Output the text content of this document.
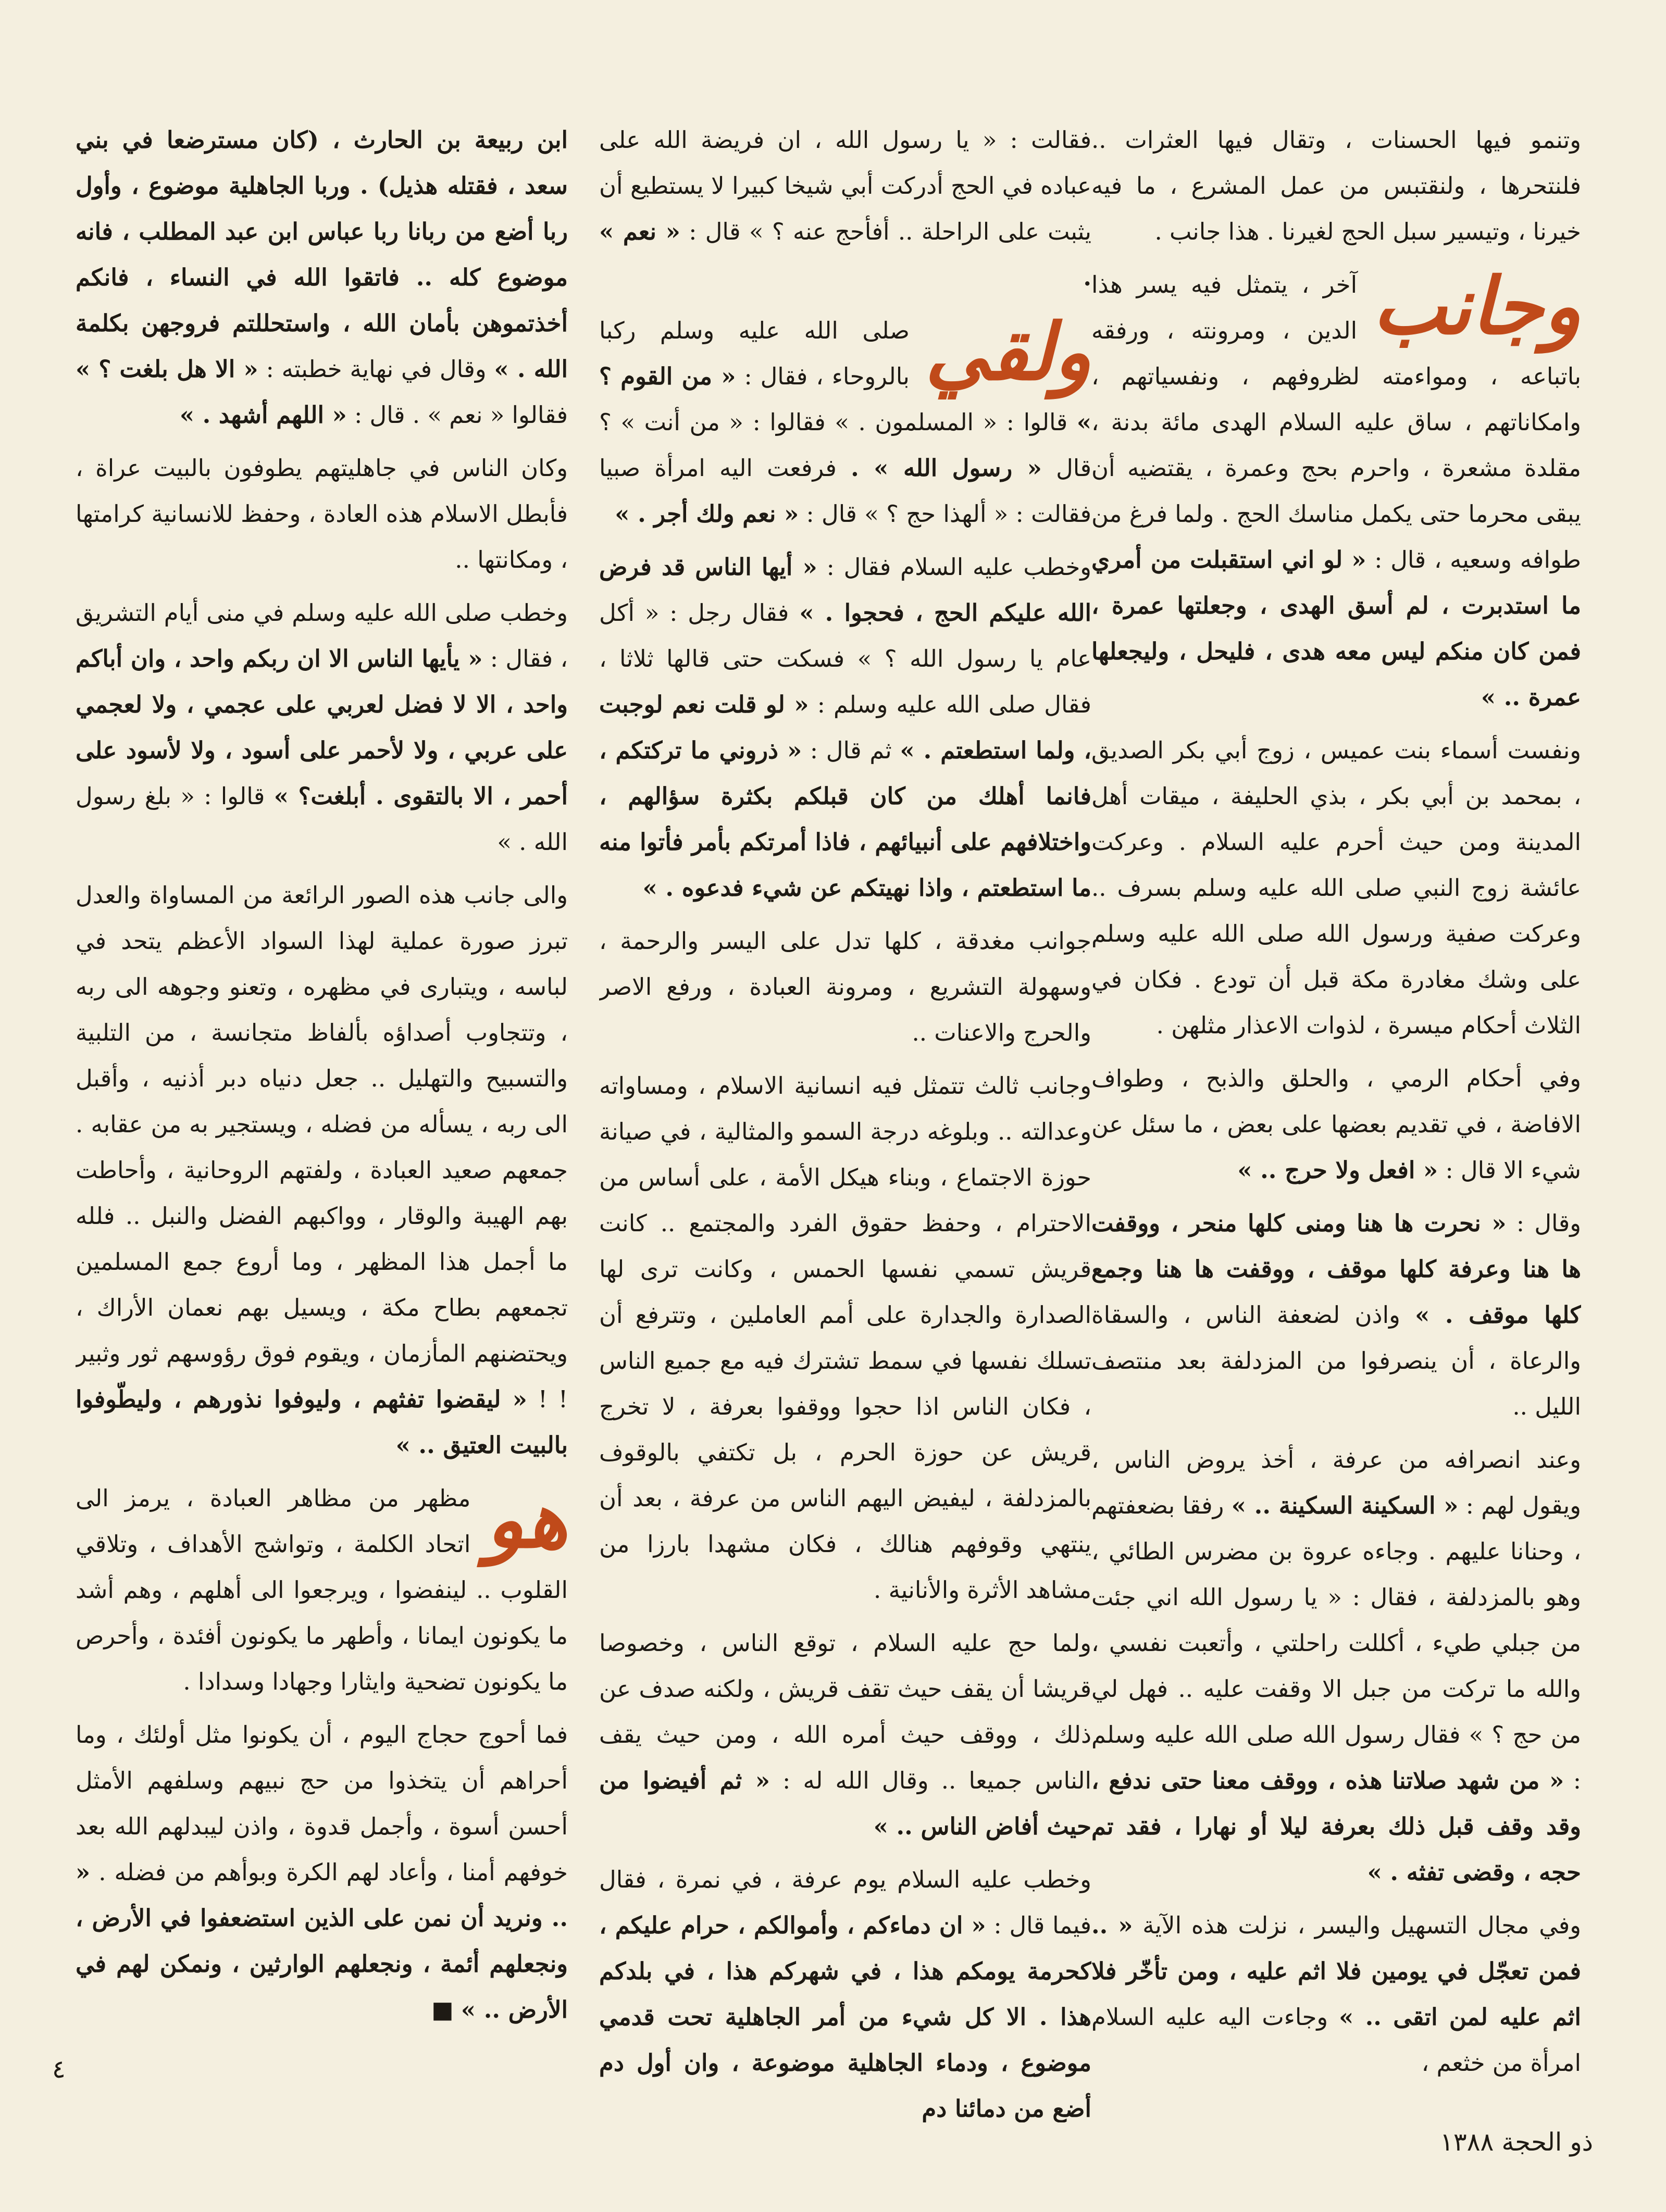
وتنمو فيها الحسنات ، وتقال فيها العثرات .. فلنتحرها ، ولنقتبس من عمل المشرع ، ما فيه خيرنا ، وتيسير سبل الحج لغيرنا . هذا جانب .

وجانب
آخر ، يتمثل فيه يسر هذا الدين ، ومرونته ، ورفقه باتباعه ، ومواءمته لظروفهم ، ونفسياتهم ، وامكاناتهم ، ساق عليه السلام الهدى مائة بدنة ، مقلدة مشعرة ، واحرم بحج وعمرة ، يقتضيه أن يبقى محرما حتى يكمل مناسك الحج . ولما فرغ من طوافه وسعيه ، قال : « لو اني استقبلت من أمري ما استدبرت ، لم أسق الهدى ، وجعلتها عمرة ، فمن كان منكم ليس معه هدى ، فليحل ، وليجعلها عمرة .. »

ونفست أسماء بنت عميس ، زوج أبي بكر الصديق ، بمحمد بن أبي بكر ، بذي الحليفة ، ميقات أهل المدينة ومن حيث أحرم عليه السلام . وعركت عائشة زوج النبي صلى الله عليه وسلم بسرف .. وعركت صفية ورسول الله صلى الله عليه وسلم على وشك مغادرة مكة قبل أن تودع . فكان في الثلاث أحكام ميسرة ، لذوات الاعذار مثلهن .

وفي أحكام الرمي ، والحلق والذبح ، وطواف الافاضة ، في تقديم بعضها على بعض ، ما سئل عن شيء الا قال : « افعل ولا حرج .. »

وقال : « نحرت ها هنا ومنى كلها منحر ، ووقفت ها هنا وعرفة كلها موقف ، ووقفت ها هنا وجمع كلها موقف . » واذن لضعفة الناس ، والسقاة والرعاة ، أن ينصرفوا من المزدلفة بعد منتصف الليل ..

وعند انصرافه من عرفة ، أخذ يروض الناس ، ويقول لهم : « السكينة السكينة .. » رفقا بضعفتهم ، وحنانا عليهم . وجاءه عروة بن مضرس الطائي ، وهو بالمزدلفة ، فقال : « يا رسول الله اني جئت من جبلي طيء ، أكللت راحلتي ، وأتعبت نفسي ، والله ما تركت من جبل الا وقفت عليه .. فهل لي من حج ؟ » فقال رسول الله صلى الله عليه وسلم : « من شهد صلاتنا هذه ، ووقف معنا حتى ندفع ، وقد وقف قبل ذلك بعرفة ليلا أو نهارا ، فقد تم حجه ، وقضى تفثه . »

وفي مجال التسهيل واليسر ، نزلت هذه الآية « .. فمن تعجّل في يومين فلا اثم عليه ، ومن تأخّر فلا اثم عليه لمن اتقى .. » وجاءت اليه عليه السلام امرأة من خثعم ،

فقالت : « يا رسول الله ، ان فريضة الله على عباده في الحج أدركت أبي شيخا كبيرا لا يستطيع أن يثبت على الراحلة .. أفأحج عنه ؟ » قال : « نعم » .

ولقي
صلى الله عليه وسلم ركبا بالروحاء ، فقال : « من القوم ؟ » قالوا : « المسلمون . » فقالوا : « من أنت » ؟ قال « رسول الله » . فرفعت اليه امرأة صبيا فقالت : « ألهذا حج ؟ » قال : « نعم ولك أجر . »

وخطب عليه السلام فقال : « أيها الناس قد فرض الله عليكم الحج ، فحجوا . » فقال رجل : « أكل عام يا رسول الله ؟ » فسكت حتى قالها ثلاثا ، فقال صلى الله عليه وسلم : « لو قلت نعم لوجبت ، ولما استطعتم . » ثم قال : « ذروني ما تركتكم ، فانما أهلك من كان قبلكم بكثرة سؤالهم ، واختلافهم على أنبيائهم ، فاذا أمرتكم بأمر فأتوا منه ما استطعتم ، واذا نهيتكم عن شيء فدعوه . »

جوانب مغدقة ، كلها تدل على اليسر والرحمة ، وسهولة التشريع ، ومرونة العبادة ، ورفع الاصر والحرج والاعنات ..

وجانب ثالث تتمثل فيه انسانية الاسلام ، ومساواته وعدالته .. وبلوغه درجة السمو والمثالية ، في صيانة حوزة الاجتماع ، وبناء هيكل الأمة ، على أساس من الاحترام ، وحفظ حقوق الفرد والمجتمع .. كانت قريش تسمي نفسها الحمس ، وكانت ترى لها الصدارة والجدارة على أمم العاملين ، وتترفع أن تسلك نفسها في سمط تشترك فيه مع جميع الناس ، فكان الناس اذا حجوا ووقفوا بعرفة ، لا تخرج قريش عن حوزة الحرم ، بل تكتفي بالوقوف بالمزدلفة ، ليفيض اليهم الناس من عرفة ، بعد أن ينتهي وقوفهم هنالك ، فكان مشهدا بارزا من مشاهد الأثرة والأنانية .

ولما حج عليه السلام ، توقع الناس ، وخصوصا قريشا أن يقف حيث تقف قريش ، ولكنه صدف عن ذلك ، ووقف حيث أمره الله ، ومن حيث يقف الناس جميعا .. وقال الله له : « ثم أفيضوا من حيث أفاض الناس .. »

وخطب عليه السلام يوم عرفة ، في نمرة ، فقال فيما قال : « ان دماءكم ، وأموالكم ، حرام عليكم ، كحرمة يومكم هذا ، في شهركم هذا ، في بلدكم هذا . الا كل شيء من أمر الجاهلية تحت قدمي موضوع ، ودماء الجاهلية موضوعة ، وان أول دم أضع من دمائنا دم

ابن ربيعة بن الحارث ، (كان مسترضعا في بني سعد ، فقتله هذيل) . وربا الجاهلية موضوع ، وأول ربا أضع من ربانا ربا عباس ابن عبد المطلب ، فانه موضوع كله .. فاتقوا الله في النساء ، فانكم أخذتموهن بأمان الله ، واستحللتم فروجهن بكلمة الله . » وقال في نهاية خطبته : « الا هل بلغت ؟ » فقالوا « نعم » . قال : « اللهم أشهد . »

وكان الناس في جاهليتهم يطوفون بالبيت عراة ، فأبطل الاسلام هذه العادة ، وحفظ للانسانية كرامتها ، ومكانتها ..

وخطب صلى الله عليه وسلم في منى أيام التشريق ، فقال : « يأيها الناس الا ان ربكم واحد ، وان أباكم واحد ، الا لا فضل لعربي على عجمي ، ولا لعجمي على عربي ، ولا لأحمر على أسود ، ولا لأسود على أحمر ، الا بالتقوى . أبلغت؟ » قالوا : « بلغ رسول الله . »

والى جانب هذه الصور الرائعة من المساواة والعدل تبرز صورة عملية لهذا السواد الأعظم يتحد في لباسه ، ويتبارى في مظهره ، وتعنو وجوهه الى ربه ، وتتجاوب أصداؤه بألفاظ متجانسة ، من التلبية والتسبيح والتهليل .. جعل دنياه دبر أذنيه ، وأقبل الى ربه ، يسأله من فضله ، ويستجير به من عقابه . جمعهم صعيد العبادة ، ولفتهم الروحانية ، وأحاطت بهم الهيبة والوقار ، وواكبهم الفضل والنبل .. فلله ما أجمل هذا المظهر ، وما أروع جمع المسلمين تجمعهم بطاح مكة ، ويسيل بهم نعمان الأراك ، ويحتضنهم المأزمان ، ويقوم فوق رؤوسهم ثور وثبير ! ! « ليقضوا تفثهم ، وليوفوا نذورهم ، وليطّوفوا بالبيت العتيق .. »

هو
مظهر من مظاهر العبادة ، يرمز الى اتحاد الكلمة ، وتواشج الأهداف ، وتلاقي القلوب .. لينفضوا ، ويرجعوا الى أهلهم ، وهم أشد ما يكونون ايمانا ، وأطهر ما يكونون أفئدة ، وأحرص ما يكونون تضحية وايثارا وجهادا وسدادا .

فما أحوج حجاج اليوم ، أن يكونوا مثل أولئك ، وما أحراهم أن يتخذوا من حج نبيهم وسلفهم الأمثل أحسن أسوة ، وأجمل قدوة ، واذن ليبدلهم الله بعد خوفهم أمنا ، وأعاد لهم الكرة وبوأهم من فضله . « .. ونريد أن نمن على الذين استضعفوا في الأرض ، ونجعلهم أئمة ، ونجعلهم الوارثين ، ونمكن لهم في الأرض .. » ■

٤
ذو الحجة ١٣٨٨
